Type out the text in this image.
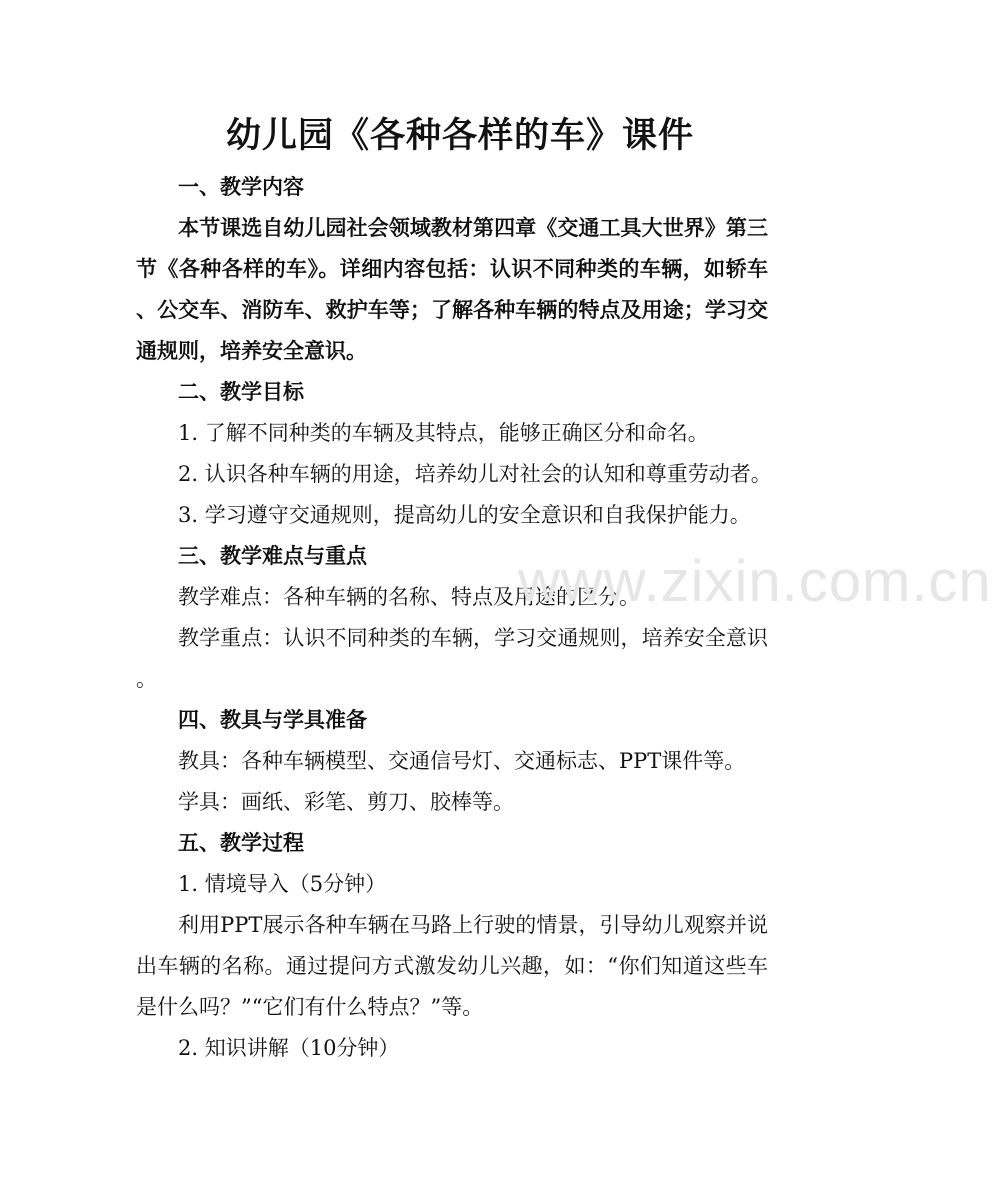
幼儿园《各种各样的车》课件

一、教学内容

本节课选自幼儿园社会领域教材第四章《交通工具大世界》第三

节《各种各样的车》。详细内容包括：认识不同种类的车辆，如轿车

、公交车、消防车、救护车等；了解各种车辆的特点及用途；学习交

通规则，培养安全意识。

二、教学目标

1. 了解不同种类的车辆及其特点，能够正确区分和命名。

2. 认识各种车辆的用途，培养幼儿对社会的认知和尊重劳动者。

3. 学习遵守交通规则，提高幼儿的安全意识和自我保护能力。

三、教学难点与重点

教学难点：各种车辆的名称、特点及用途的区分。

教学重点：认识不同种类的车辆，学习交通规则，培养安全意识

。

四、教具与学具准备

教具：各种车辆模型、交通信号灯、交通标志、PPT课件等。

学具：画纸、彩笔、剪刀、胶棒等。

五、教学过程

1. 情境导入（5分钟）

利用PPT展示各种车辆在马路上行驶的情景，引导幼儿观察并说

出车辆的名称。通过提问方式激发幼儿兴趣，如：“你们知道这些车

是什么吗？”“它们有什么特点？”等。

2. 知识讲解（10分钟）

www.zixin.com.cn
